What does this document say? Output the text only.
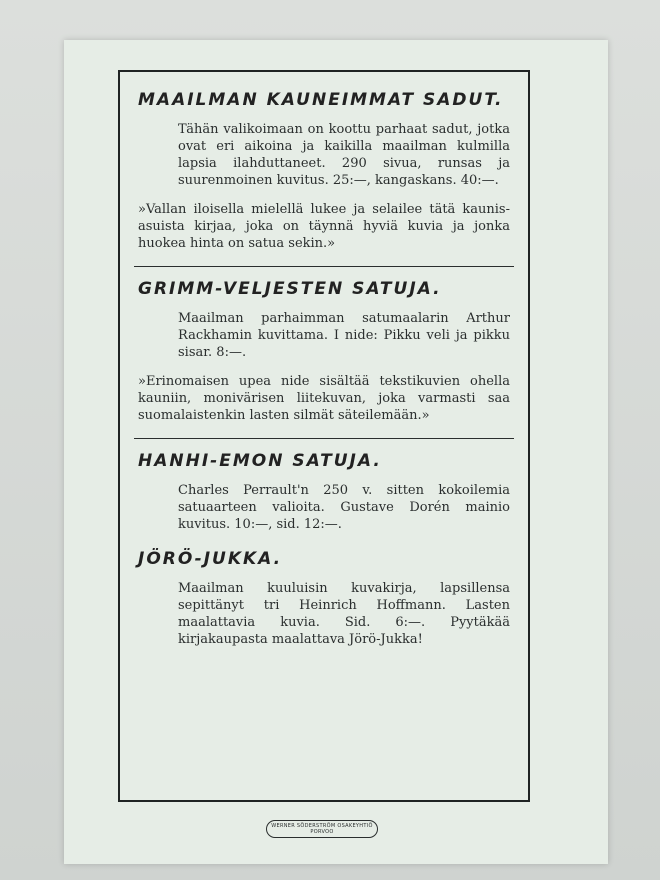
MAAILMAN KAUNEIMMAT SADUT.

Tähän valikoimaan on koottu parhaat sadut, jotka ovat eri aikoina ja kaikilla maailman kulmilla lapsia ilahduttaneet. 290 sivua, runsas ja suurenmoinen kuvitus. 25:—, kangaskans. 40:—.

»Vallan iloisella mielellä lukee ja selailee tätä kaunis-asuista kirjaa, joka on täynnä hyviä kuvia ja jonka huokea hinta on satua sekin.»

GRIMM-VELJESTEN SATUJA.

Maailman parhaimman satumaalarin Arthur Rackhamin kuvittama. I nide: Pikku veli ja pikku sisar. 8:—.

»Erinomaisen upea nide sisältää tekstikuvien ohella kauniin, monivärisen liitekuvan, joka varmasti saa suomalaistenkin lasten silmät säteilemään.»

HANHI-EMON SATUJA.

Charles Perrault'n 250 v. sitten kokoilemia satuaarteen valioita. Gustave Dorén mainio kuvitus. 10:—, sid. 12:—.

JÖRÖ-JUKKA.

Maailman kuuluisin kuvakirja, lapsillensa sepittänyt tri Heinrich Hoffmann. Lasten maalattavia kuvia. Sid. 6:—. Pyytäkää kirjakaupasta maalattava Jörö-Jukka!

WERNER SÖDERSTRÖM OSAKEYHTIÖ
PORVOO
